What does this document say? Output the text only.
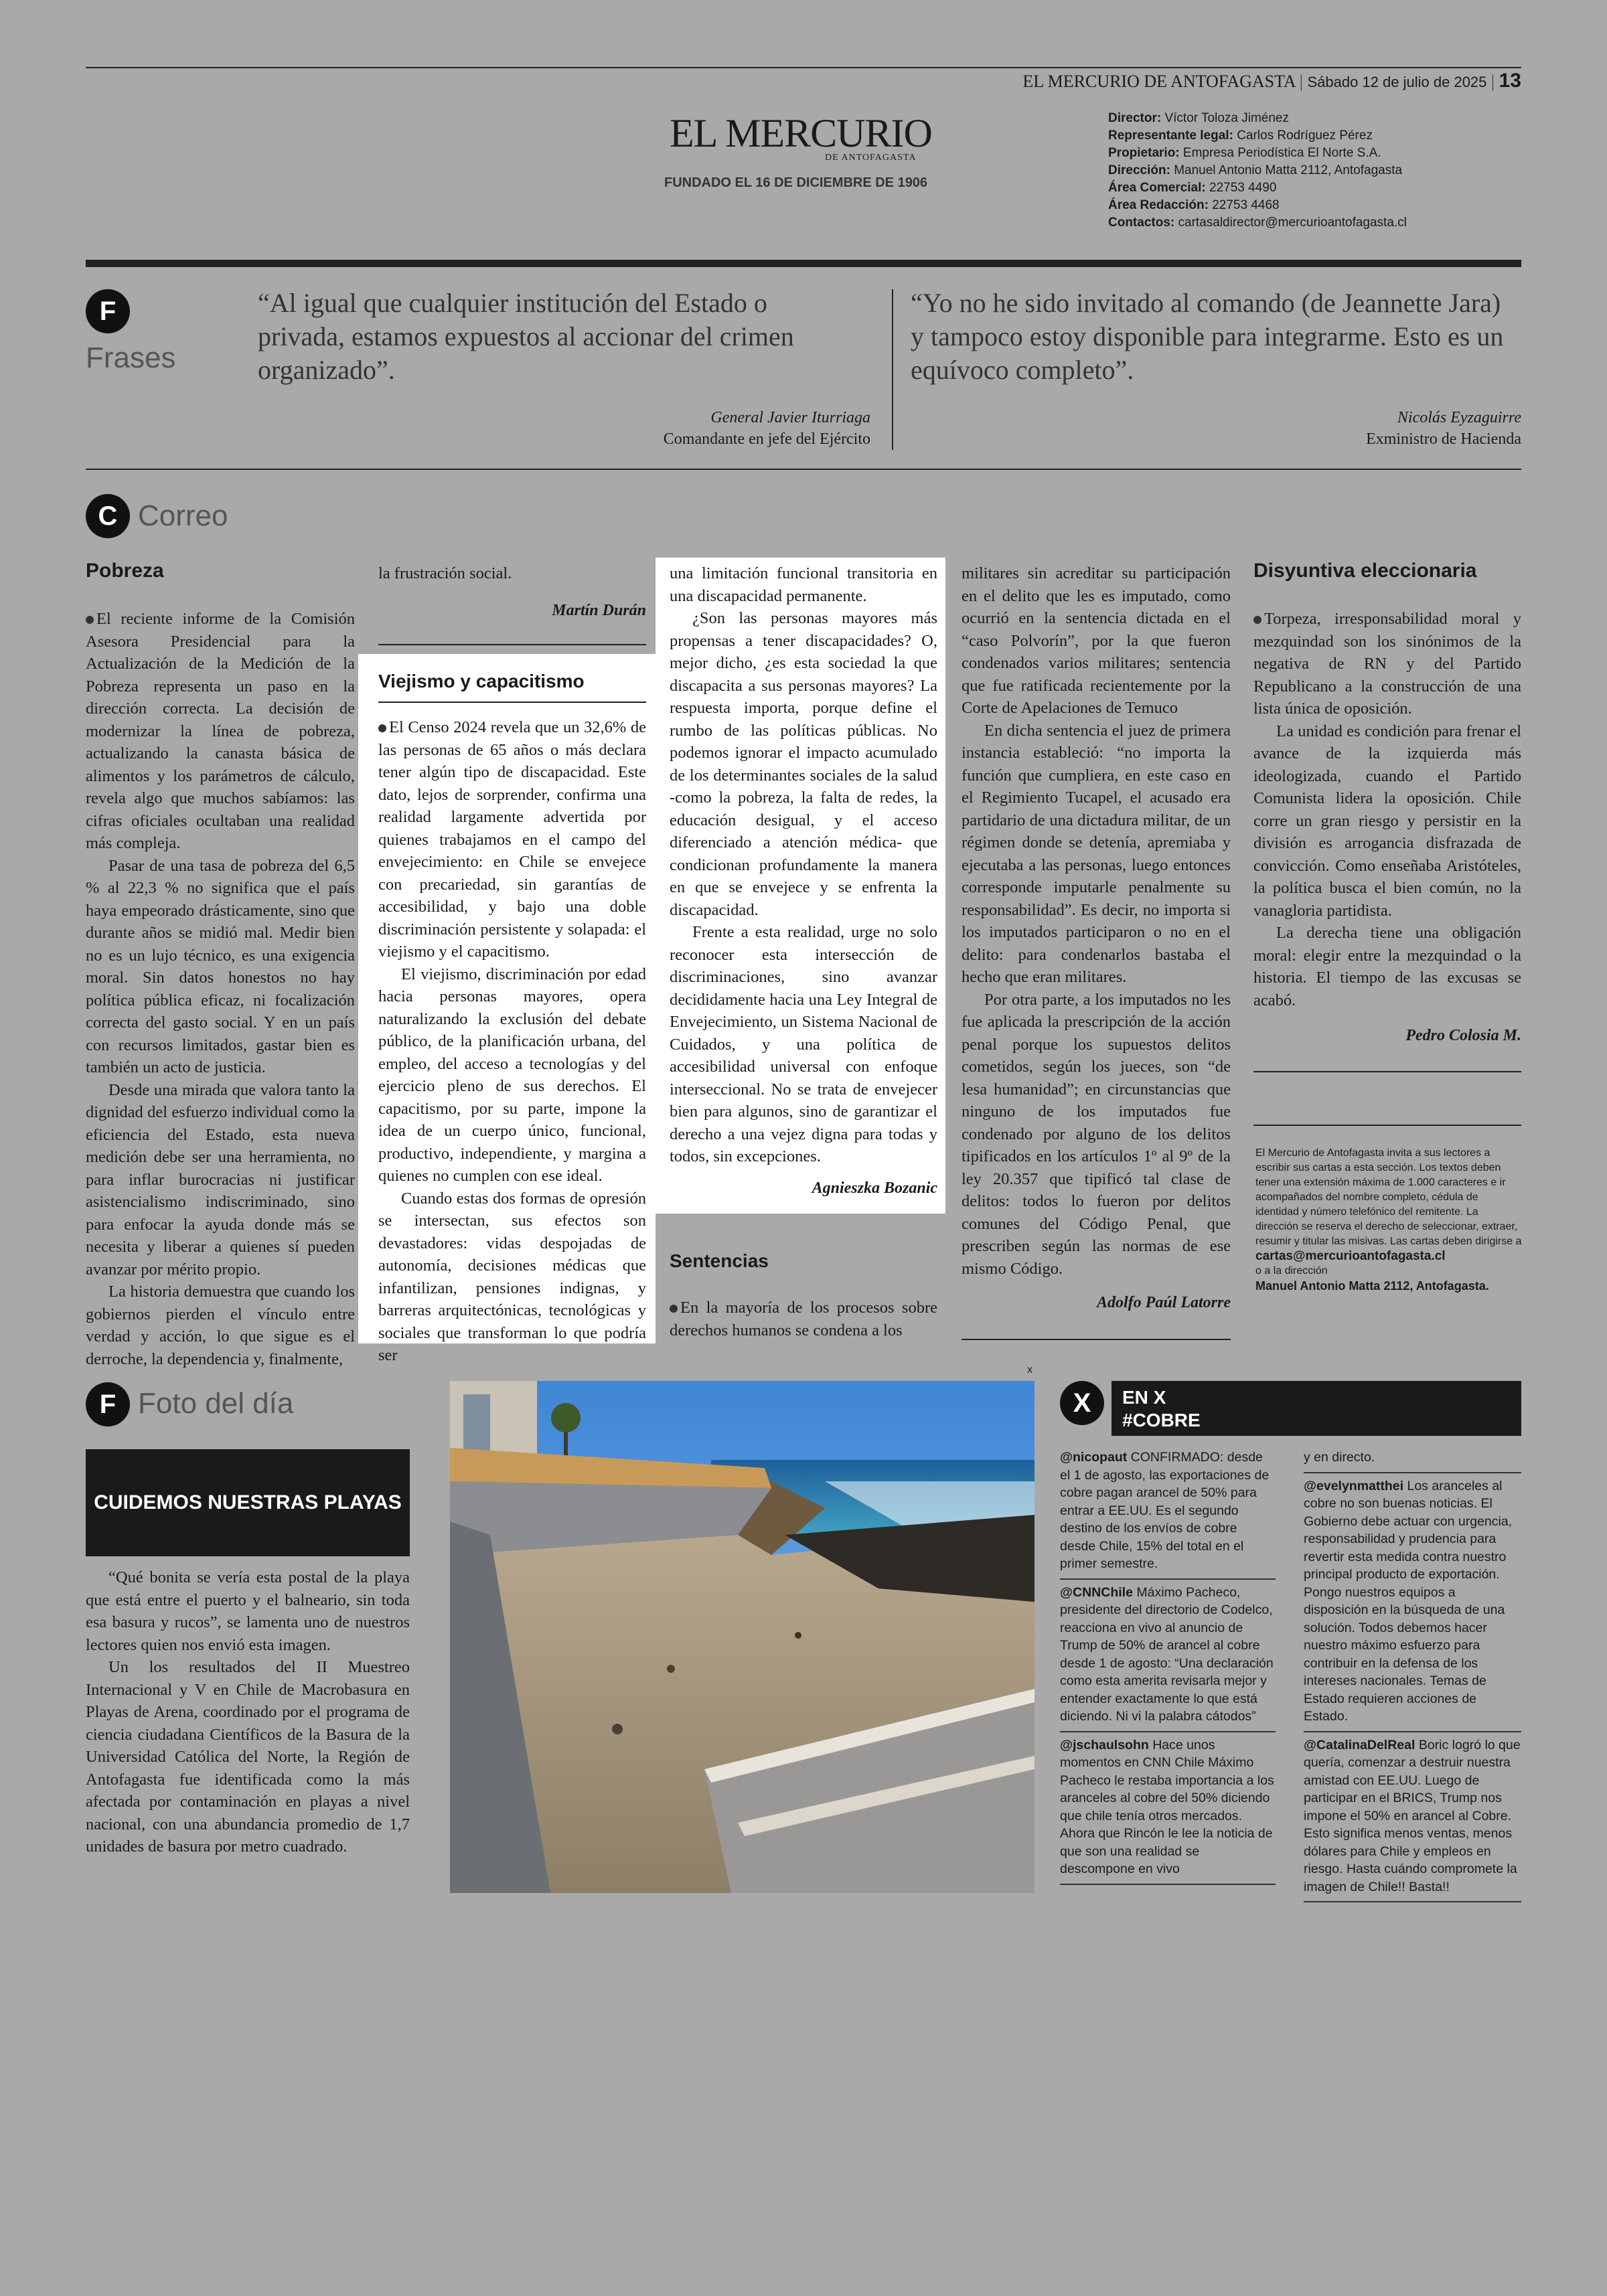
EL MERCURIO DE ANTOFAGASTA | Sábado 12 de julio de 2025 | 13
EL MERCURIO
DE ANTOFAGASTA
FUNDADO EL 16 DE DICIEMBRE DE 1906
Director: Víctor Toloza Jiménez
Representante legal: Carlos Rodríguez Pérez
Propietario: Empresa Periodística El Norte S.A.
Dirección: Manuel Antonio Matta 2112, Antofagasta
Área Comercial: 22753 4490
Área Redacción: 22753 4468
Contactos: cartasaldirector@mercurioantofagasta.cl
F
Frases
“Al igual que cualquier institución del Estado o privada, estamos expuestos al accionar del crimen organizado”.
General Javier Iturriaga
Comandante en jefe del Ejército
“Yo no he sido invitado al comando (de Jeannette Jara) y tampoco estoy disponible para integrarme. Esto es un equívoco completo”.
Nicolás Eyzaguirre
Exministro de Hacienda
C Correo
Pobreza

El reciente informe de la Comisión Asesora Presidencial para la Actualización de la Medición de la Pobreza representa un paso en la dirección correcta. La decisión de modernizar la línea de pobreza, actualizando la canasta básica de alimentos y los parámetros de cálculo, revela algo que muchos sabíamos: las cifras oficiales ocultaban una realidad más compleja.

Pasar de una tasa de pobreza del 6,5 % al 22,3 % no significa que el país haya empeorado drásticamente, sino que durante años se midió mal. Medir bien no es un lujo técnico, es una exigencia moral. Sin datos honestos no hay política pública eficaz, ni focalización correcta del gasto social. Y en un país con recursos limitados, gastar bien es también un acto de justicia.

Desde una mirada que valora tanto la dignidad del esfuerzo individual como la eficiencia del Estado, esta nueva medición debe ser una herramienta, no para inflar burocracias ni justificar asistencialismo indiscriminado, sino para enfocar la ayuda donde más se necesita y liberar a quienes sí pueden avanzar por mérito propio.

La historia demuestra que cuando los gobiernos pierden el vínculo entre verdad y acción, lo que sigue es el derroche, la dependencia y, finalmente,

la frustración social.

Martín Durán
Viejismo y capacitismo

El Censo 2024 revela que un 32,6% de las personas de 65 años o más declara tener algún tipo de discapacidad. Este dato, lejos de sorprender, confirma una realidad largamente advertida por quienes trabajamos en el campo del envejecimiento: en Chile se envejece con precariedad, sin garantías de accesibilidad, y bajo una doble discriminación persistente y solapada: el viejismo y el capacitismo.

El viejismo, discriminación por edad hacia personas mayores, opera naturalizando la exclusión del debate público, de la planificación urbana, del empleo, del acceso a tecnologías y del ejercicio pleno de sus derechos. El capacitismo, por su parte, impone la idea de un cuerpo único, funcional, productivo, independiente, y margina a quienes no cumplen con ese ideal.

Cuando estas dos formas de opresión se intersectan, sus efectos son devastadores: vidas despojadas de autonomía, decisiones médicas que infantilizan, pensiones indignas, y barreras arquitectónicas, tecnológicas y sociales que transforman lo que podría ser

una limitación funcional transitoria en una discapacidad permanente.

¿Son las personas mayores más propensas a tener discapacidades? O, mejor dicho, ¿es esta sociedad la que discapacita a sus personas mayores? La respuesta importa, porque define el rumbo de las políticas públicas. No podemos ignorar el impacto acumulado de los determinantes sociales de la salud -como la pobreza, la falta de redes, la educación desigual, y el acceso diferenciado a atención médica- que condicionan profundamente la manera en que se envejece y se enfrenta la discapacidad.

Frente a esta realidad, urge no solo reconocer esta intersección de discriminaciones, sino avanzar decididamente hacia una Ley Integral de Envejecimiento, un Sistema Nacional de Cuidados, y una política de accesibilidad universal con enfoque interseccional. No se trata de envejecer bien para algunos, sino de garantizar el derecho a una vejez digna para todas y todos, sin excepciones.

Agnieszka Bozanic
Sentencias

En la mayoría de los procesos sobre derechos humanos se condena a los

militares sin acreditar su participación en el delito que les es imputado, como ocurrió en la sentencia dictada en el “caso Polvorín”, por la que fueron condenados varios militares; sentencia que fue ratificada recientemente por la Corte de Apelaciones de Temuco

En dicha sentencia el juez de primera instancia estableció: “no importa la función que cumpliera, en este caso en el Regimiento Tucapel, el acusado era partidario de una dictadura militar, de un régimen donde se detenía, apremiaba y ejecutaba a las personas, luego entonces corresponde imputarle penalmente su responsabilidad”. Es decir, no importa si los imputados participaron o no en el delito: para condenarlos bastaba el hecho que eran militares.

Por otra parte, a los imputados no les fue aplicada la prescripción de la acción penal porque los supuestos delitos cometidos, según los jueces, son “de lesa humanidad”; en circunstancias que ninguno de los imputados fue condenado por alguno de los delitos tipificados en los artículos 1º al 9º de la ley 20.357 que tipificó tal clase de delitos: todos lo fueron por delitos comunes del Código Penal, que prescriben según las normas de ese mismo Código.

Adolfo Paúl Latorre
Disyuntiva eleccionaria

Torpeza, irresponsabilidad moral y mezquindad son los sinónimos de la negativa de RN y del Partido Republicano a la construcción de una lista única de oposición.

La unidad es condición para frenar el avance de la izquierda más ideologizada, cuando el Partido Comunista lidera la oposición. Chile corre un gran riesgo y persistir en la división es arrogancia disfrazada de convicción. Como enseñaba Aristóteles, la política busca el bien común, no la vanagloria partidista.

La derecha tiene una obligación moral: elegir entre la mezquindad o la historia. El tiempo de las excusas se acabó.

Pedro Colosia M.
El Mercurio de Antofagasta invita a sus lectores a escribir sus cartas a esta sección. Los textos deben tener una extensión máxima de 1.000 caracteres e ir acompañados del nombre completo, cédula de identidad y número telefónico del remitente. La dirección se reserva el derecho de seleccionar, extraer, resumir y titular las misivas. Las cartas deben dirigirse a
cartas@mercurioantofagasta.cl
o a la dirección
Manuel Antonio Matta 2112, Antofagasta.
F Foto del día
CUIDEMOS NUESTRAS PLAYAS

“Qué bonita se vería esta postal de la playa que está entre el puerto y el balneario, sin toda esa basura y rucos”, se lamenta uno de nuestros lectores quien nos envió esta imagen.

Un los resultados del II Muestreo Internacional y V en Chile de Macrobasura en Playas de Arena, coordinado por el programa de ciencia ciudadana Científicos de la Basura de la Universidad Católica del Norte, la Región de Antofagasta fue identificada como la más afectada por contaminación en playas a nivel nacional, con una abundancia promedio de 1,7 unidades de basura por metro cuadrado.

x
X	EN X
#COBRE
@nicopaut CONFIRMADO: desde el 1 de agosto, las exportaciones de cobre pagan arancel de 50% para entrar a EE.UU. Es el segundo destino de los envíos de cobre desde Chile, 15% del total en el primer semestre.
@CNNChile Máximo Pacheco, presidente del directorio de Codelco, reacciona en vivo al anuncio de Trump de 50% de arancel al cobre desde 1 de agosto: “Una declaración como esta amerita revisarla mejor y entender exactamente lo que está diciendo. Ni vi la palabra cátodos”
@jschaulsohn Hace unos momentos en CNN Chile Máximo Pacheco le restaba importancia a los aranceles al cobre del 50% diciendo que chile tenía otros mercados. Ahora que Rincón le lee la noticia de que son una realidad se descompone en vivo
y en directo.
@evelynmatthei Los aranceles al cobre no son buenas noticias. El Gobierno debe actuar con urgencia, responsabilidad y prudencia para revertir esta medida contra nuestro principal producto de exportación. Pongo nuestros equipos a disposición en la búsqueda de una solución. Todos debemos hacer nuestro máximo esfuerzo para contribuir en la defensa de los intereses nacionales. Temas de Estado requieren acciones de Estado.
@CatalinaDelReal Boric logró lo que quería, comenzar a destruir nuestra amistad con EE.UU. Luego de participar en el BRICS, Trump nos impone el 50% en arancel al Cobre. Esto significa menos ventas, menos dólares para Chile y empleos en riesgo. Hasta cuándo compromete la imagen de Chile!! Basta!!
